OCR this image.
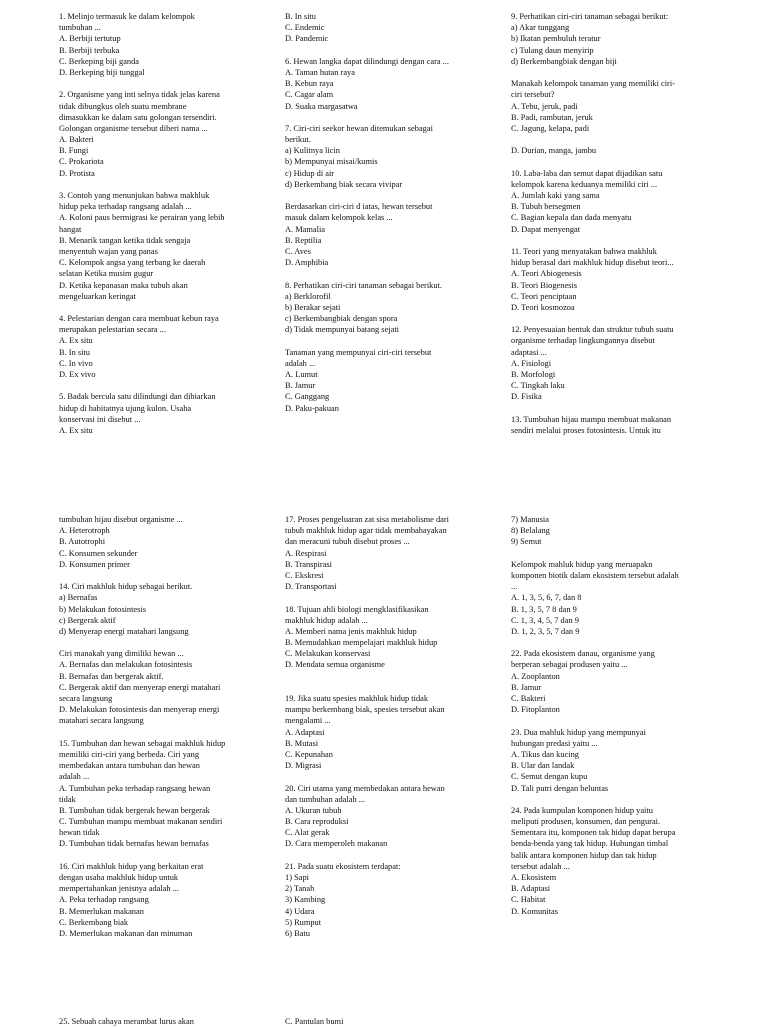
1. Melinjo termasuk ke dalam kelompok
tumbuhan ...
A. Berbiji tertutup
B. Berbiji terbuka
C. Berkeping biji ganda
D. Berkeping biji tunggal
2. Organisme yang inti selnya tidak jelas karena
tidak dibungkus oleh suatu membrane
dimasukkan ke dalam satu golongan tersendiri.
Golongan organisme tersebut diberi nama ...
A. Bakteri
B. Fungi
C. Prokariota
D. Protista
3. Contoh yang menunjukan bahwa makhluk
hidup peka terhadap rangsang adalah ...
A. Koloni paus bermigrasi ke perairan yang lebih
hangat
B. Menarik tangan ketika tidak sengaja
menyentuh wajan yang panas
C. Kelompok angsa yang terbang ke daerah
selatan Ketika musim gugur
D. Ketika kepanasan maka tubuh akan
mengeluarkan keringat
4. Pelestarian dengan cara membuat kebun raya
merupakan pelestarian secara ...
A. Ex situ
B. In situ
C. In vivo
D. Ex vivo
5. Badak bercula satu dilindungi dan dibiarkan
hidup di habitatnya ujung kulon. Usaha
konservasi ini disebut ...
A. Ex situ
B. In situ
C. Endemic
D. Pandemic
6. Hewan langka dapat dilindungi dengan cara ...
A. Taman hutan raya
B. Kebun raya
C. Cagar alam
D. Suaka margasatwa
7. Ciri-ciri seekor hewan ditemukan sebagai
berikut.
a) Kulitnya licin
b) Mempunyai misai/kumis
c) Hidup di air
d) Berkembang biak secara vivipar
Berdasarkan ciri-ciri d iatas, hewan tersebut
masuk dalam kelompok kelas ...
A. Mamalia
B. Reptilia
C. Aves
D. Amphibia
8. Perhatikan ciri-ciri tanaman sebagai berikut.
a) Berklorofil
b) Berakar sejati
c) Berkembangbiak dengan spora
d) Tidak mempunyai batang sejati
Tanaman yang mempunyai ciri-ciri tersebut
adalah ...
A. Lumut
B. Jamur
C. Ganggang
D. Paku-pakuan
9. Perhatikan ciri-ciri tanaman sebagai berikut:
a) Akar tunggang
b) Ikatan pembuluh teratur
c) Tulang daun menyirip
d) Berkembangbiak dengan biji
Manakah kelompok tanaman yang memiliki ciri-
ciri tersebut?
A. Tebu, jeruk, padi
B. Padi, rambutan, jeruk
C. Jagung, kelapa, padi
D. Durian, manga, jambu
10. Laba-laba dan semut dapat dijadikan satu
kelompok karena keduanya memiliki ciri ...
A. Jumlah kaki yang sama
B. Tubuh bersegmen
C. Bagian kepala dan dada menyatu
D. Dapat menyengat
11. Teori yang menyatakan bahwa makhluk
hidup berasal dari makhluk hidup disebut teori...
A. Teori Abiogenesis
B. Teori Biogenesis
C. Teori penciptaan
D. Teori kosmozoa
12. Penyesuaian bentuk dan struktur tubuh suatu
organisme terhadap lingkungannya disebut
adaptasi ...
A. Fisiologi
B. Morfologi
C. Tingkah laku
D. Fisika
13. Tumbuhan hijau mampu membuat makanan
sendiri melalui proses fotosintesis. Untuk itu
tumbuhan hijau disebut organisme ...
A. Heterotroph
B. Autotrophi
C. Konsumen sekunder
D. Konsumen primer
14. Ciri makhluk hidup sebagai berikut.
a) Bernafas
b) Melakukan fotosintesis
c) Bergerak aktif
d) Menyerap energi matahari langsung
Ciri manakah yang dimiliki hewan ...
A. Bernafas dan melakukan fotosintesis
B. Bernafas dan bergerak aktif.
C. Bergerak aktif dan menyerap energi matahari
secara langsung
D. Melakukan fotosintesis dan menyerap energi
matahari secara langsung
15. Tumbuhan dan hewan sebagai makhluk hidup
memiliki ciri-ciri yang berbeda. Ciri yang
membedakan antara tumbuhan dan hewan
adalah ...
A. Tumbuhan peka terhadap rangsang hewan
tidak
B. Tumbuhan tidak bergerak hewan bergerak
C. Tumbuhan mampu membuat makanan sendiri
hewan tidak
D. Tumbuhan tidak bernafas hewan bernafas
16. Ciri makhluk hidup yang berkaitan erat
dengan usaha makhluk hidup untuk
mempertahankan jenisnya adalah ...
A. Peka terhadap rangsang
B. Memerlukan makanan
C. Berkembang biak
D. Memerlukan makanan dan minuman
17. Proses pengeluaran zat sisa metabolisme dari
tubuh makhluk hidup agar tidak membahayakan
dan meracuni tubuh disebut proses ...
A. Respirasi
B. Transpirasi
C. Ekskresi
D. Transportasi
18. Tujuan ahli biologi mengklasifikasikan
makhluk hidup adalah ...
A. Memberi nama jenis makhluk hidup
B. Memudahkan mempelajari makhluk hidup
C. Melakukan konservasi
D. Mendata semua organisme
19. Jika suatu spesies makhluk hidup tidak
mampu berkembang biak, spesies tersebut akan
mengalami ...
A. Adaptasi
B. Mutasi
C. Kepunahan
D. Migrasi
20. Ciri utama yang membedakan antara hewan
dan tumbuhan adalah ...
A. Ukuran tubuh
B. Cara reproduksi
C. Alat gerak
D. Cara memperoleh makanan
21. Pada suatu ekosistem terdapat:
1) Sapi
2) Tanah
3) Kambing
4) Udara
5) Rumput
6) Batu
7) Manusia
8) Belalang
9) Semut
Kelompok mahluk hidup yang meruapakn
komponen biotik dalam ekosistem tersebut adalah
...
A. 1, 3, 5, 6, 7, dan 8
B. 1, 3, 5, 7 8 dan 9
C. 1, 3, 4, 5, 7 dan 9
D. 1, 2, 3, 5, 7 dan 9
22. Pada ekosistem danau, organisme yang
berperan sebagai produsen yaitu ...
A. Zooplanton
B. Jamur
C. Bakteri
D. Fitoplanton
23. Dua mahluk hidup yang mempunyai
hubungan predasi yaitu ...
A. Tikus dan kucing
B. Ular dan landak
C. Semut dengan kupu
D. Tali putri dengan beluntas
24. Pada kumpulan komponen hidup yaitu
meliputi produsen, konsumen, dan pengurai.
Sementara itu, komponen tak hidup dapat berupa
benda-benda yang tak hidup. Hubungan timbal
balik antara komponen hidup dan tak hidup
tersebut adalah ...
A. Ekosistem
B. Adaptasi
C. Habitat
D. Komunitas
25. Sebuah cahaya merambat lurus akan	C. Pantulan bumi
